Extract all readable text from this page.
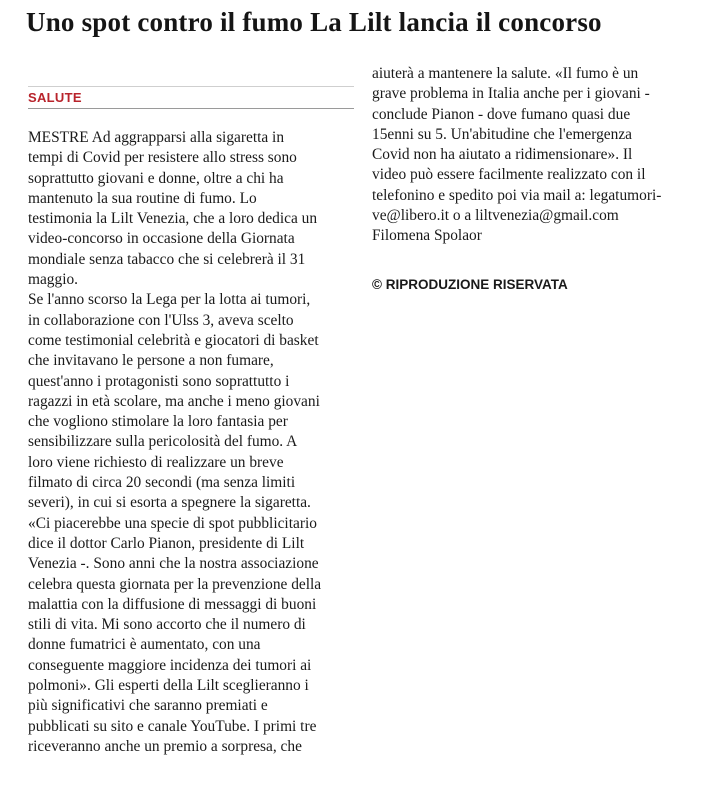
Uno spot contro il fumo La Lilt lancia il concorso
SALUTE
MESTRE Ad aggrapparsi alla sigaretta in
tempi di Covid per resistere allo stress sono
soprattutto giovani e donne, oltre a chi ha
mantenuto la sua routine di fumo. Lo
testimonia la Lilt Venezia, che a loro dedica un
video-concorso in occasione della Giornata
mondiale senza tabacco che si celebrerà il 31
maggio.
Se l'anno scorso la Lega per la lotta ai tumori,
in collaborazione con l'Ulss 3, aveva scelto
come testimonial celebrità e giocatori di basket
che invitavano le persone a non fumare,
quest'anno i protagonisti sono soprattutto i
ragazzi in età scolare, ma anche i meno giovani
che vogliono stimolare la loro fantasia per
sensibilizzare sulla pericolosità del fumo. A
loro viene richiesto di realizzare un breve
filmato di circa 20 secondi (ma senza limiti
severi), in cui si esorta a spegnere la sigaretta.
«Ci piacerebbe una specie di spot pubblicitario
dice il dottor Carlo Pianon, presidente di Lilt
Venezia -. Sono anni che la nostra associazione
celebra questa giornata per la prevenzione della
malattia con la diffusione di messaggi di buoni
stili di vita. Mi sono accorto che il numero di
donne fumatrici è aumentato, con una
conseguente maggiore incidenza dei tumori ai
polmoni». Gli esperti della Lilt sceglieranno i
più significativi che saranno premiati e
pubblicati su sito e canale YouTube. I primi tre
riceveranno anche un premio a sorpresa, che
aiuterà a mantenere la salute. «Il fumo è un
grave problema in Italia anche per i giovani -
conclude Pianon - dove fumano quasi due
15enni su 5. Un'abitudine che l'emergenza
Covid non ha aiutato a ridimensionare». Il
video può essere facilmente realizzato con il
telefonino e spedito poi via mail a: legatumori-
ve@libero.it o a liltvenezia@gmail.com
Filomena Spolaor
© RIPRODUZIONE RISERVATA
